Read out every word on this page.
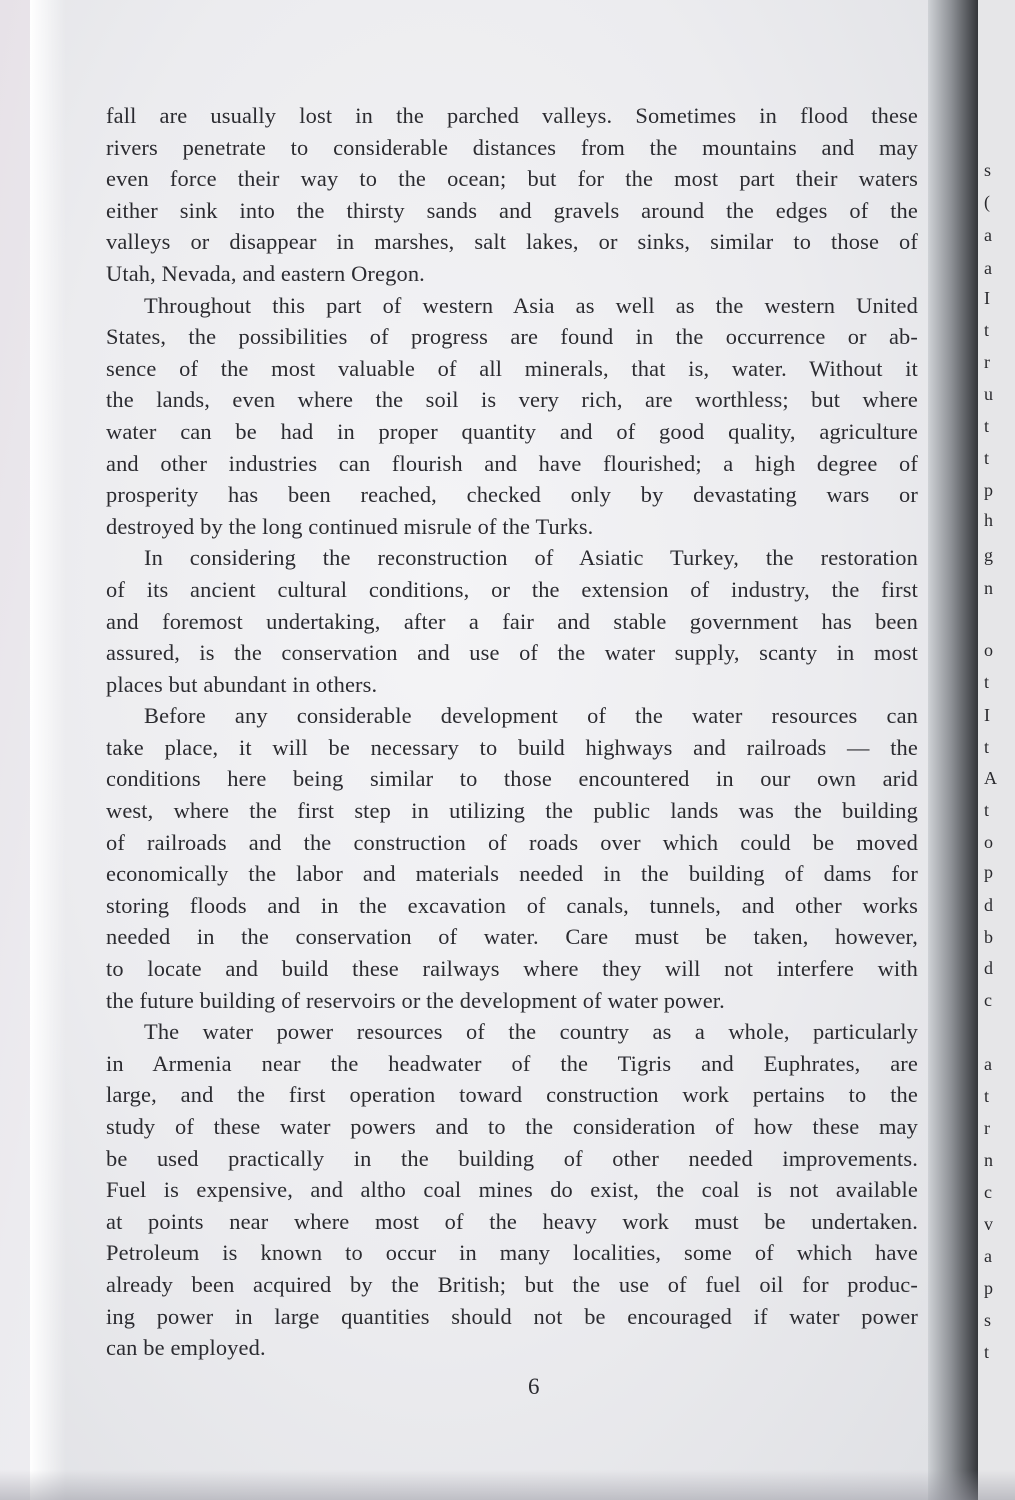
fall are usually lost in the parched valleys. Sometimes in flood these
rivers penetrate to considerable distances from the mountains and may
even force their way to the ocean; but for the most part their waters
either sink into the thirsty sands and gravels around the edges of the
valleys or disappear in marshes, salt lakes, or sinks, similar to those of
Utah, Nevada, and eastern Oregon.
Throughout this part of western Asia as well as the western United
States, the possibilities of progress are found in the occurrence or ab-
sence of the most valuable of all minerals, that is, water. Without it
the lands, even where the soil is very rich, are worthless; but where
water can be had in proper quantity and of good quality, agriculture
and other industries can flourish and have flourished; a high degree of
prosperity has been reached, checked only by devastating wars or
destroyed by the long continued misrule of the Turks.
In considering the reconstruction of Asiatic Turkey, the restoration
of its ancient cultural conditions, or the extension of industry, the first
and foremost undertaking, after a fair and stable government has been
assured, is the conservation and use of the water supply, scanty in most
places but abundant in others.
Before any considerable development of the water resources can
take place, it will be necessary to build highways and railroads — the
conditions here being similar to those encountered in our own arid
west, where the first step in utilizing the public lands was the building
of railroads and the construction of roads over which could be moved
economically the labor and materials needed in the building of dams for
storing floods and in the excavation of canals, tunnels, and other works
needed in the conservation of water. Care must be taken, however,
to locate and build these railways where they will not interfere with
the future building of reservoirs or the development of water power.
The water power resources of the country as a whole, particularly
in Armenia near the headwater of the Tigris and Euphrates, are
large, and the first operation toward construction work pertains to the
study of these water powers and to the consideration of how these may
be used practically in the building of other needed improvements.
Fuel is expensive, and altho coal mines do exist, the coal is not available
at points near where most of the heavy work must be undertaken.
Petroleum is known to occur in many localities, some of which have
already been acquired by the British; but the use of fuel oil for produc-
ing power in large quantities should not be encouraged if water power
can be employed.
6
s
(
a
a
I
t
r
u
t
t
p
h
g
n
o
t
I
t
A
t
o
p
d
b
d
c
a
t
r
n
c
v
a
p
s
t
